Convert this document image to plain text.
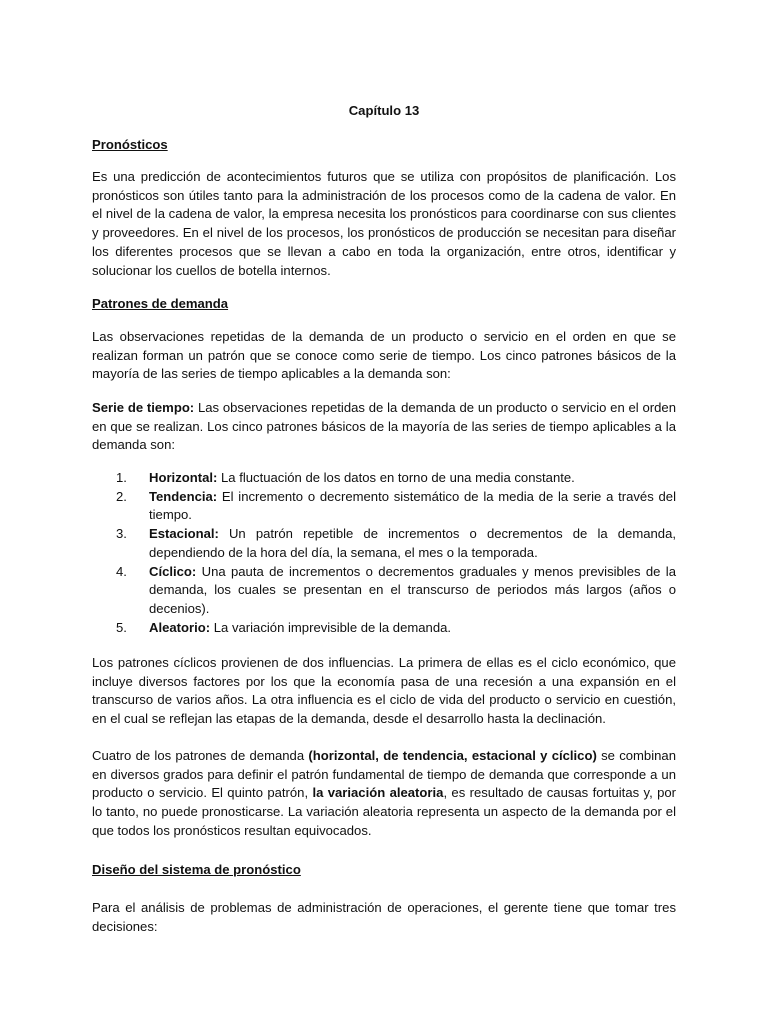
Capítulo 13

Pronósticos

Es una predicción de acontecimientos futuros que se utiliza con propósitos de planificación. Los pronósticos son útiles tanto para la administración de los procesos como de la cadena de valor. En el nivel de la cadena de valor, la empresa necesita los pronósticos para coordinarse con sus clientes y proveedores. En el nivel de los procesos, los pronósticos de producción se necesitan para diseñar los diferentes procesos que se llevan a cabo en toda la organización, entre otros, identificar y solucionar los cuellos de botella internos.

Patrones de demanda

Las observaciones repetidas de la demanda de un producto o servicio en el orden en que se realizan forman un patrón que se conoce como serie de tiempo. Los cinco patrones básicos de la mayoría de las series de tiempo aplicables a la demanda son:

Serie de tiempo: Las observaciones repetidas de la demanda de un producto o servicio en el orden en que se realizan. Los cinco patrones básicos de la mayoría de las series de tiempo aplicables a la demanda son:

1. Horizontal: La fluctuación de los datos en torno de una media constante.
2. Tendencia: El incremento o decremento sistemático de la media de la serie a través del tiempo.
3. Estacional: Un patrón repetible de incrementos o decrementos de la demanda, dependiendo de la hora del día, la semana, el mes o la temporada.
4. Cíclico: Una pauta de incrementos o decrementos graduales y menos previsibles de la demanda, los cuales se presentan en el transcurso de periodos más largos (años o decenios).
5. Aleatorio: La variación imprevisible de la demanda.

Los patrones cíclicos provienen de dos influencias. La primera de ellas es el ciclo económico, que incluye diversos factores por los que la economía pasa de una recesión a una expansión en el transcurso de varios años. La otra influencia es el ciclo de vida del producto o servicio en cuestión, en el cual se reflejan las etapas de la demanda, desde el desarrollo hasta la declinación.

Cuatro de los patrones de demanda (horizontal, de tendencia, estacional y cíclico) se combinan en diversos grados para definir el patrón fundamental de tiempo de demanda que corresponde a un producto o servicio. El quinto patrón, la variación aleatoria, es resultado de causas fortuitas y, por lo tanto, no puede pronosticarse. La variación aleatoria representa un aspecto de la demanda por el que todos los pronósticos resultan equivocados.

Diseño del sistema de pronóstico

Para el análisis de problemas de administración de operaciones, el gerente tiene que tomar tres decisiones:
